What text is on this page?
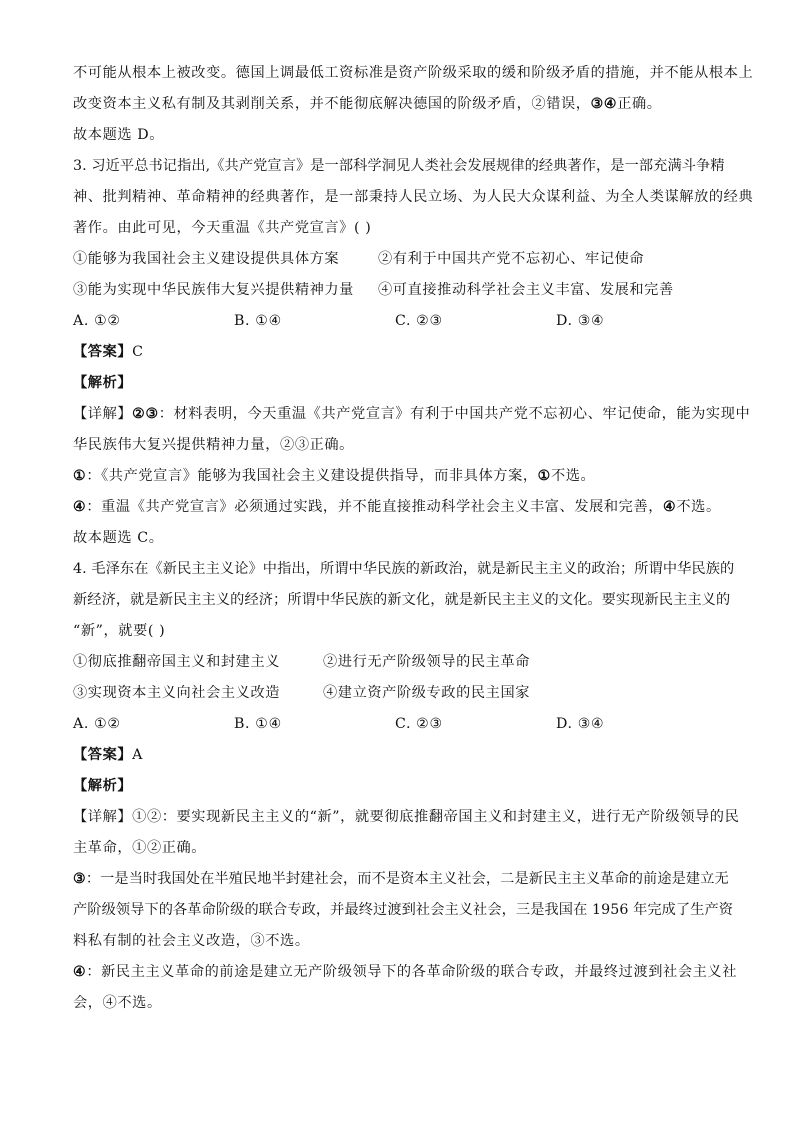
不可能从根本上被改变。德国上调最低工资标准是资产阶级采取的缓和阶级矛盾的措施，并不能从根本上
改变资本主义私有制及其剥削关系，并不能彻底解决德国的阶级矛盾，②错误，③④正确。
故本题选 D。
3. 习近平总书记指出,《共产党宣言》是一部科学洞见人类社会发展规律的经典著作，是一部充满斗争精
神、批判精神、革命精神的经典著作，是一部秉持人民立场、为人民大众谋利益、为全人类谋解放的经典
著作。由此可见，今天重温《共产党宣言》( )
①能够为我国社会主义建设提供具体方案	②有利于中国共产党不忘初心、牢记使命
③能为实现中华民族伟大复兴提供精神力量	④可直接推动科学社会主义丰富、发展和完善
A. ①②	B. ①④	C. ②③	D. ③④
【答案】C
【解析】
【详解】②③：材料表明，今天重温《共产党宣言》有利于中国共产党不忘初心、牢记使命，能为实现中
华民族伟大复兴提供精神力量，②③正确。
①：《共产党宣言》能够为我国社会主义建设提供指导，而非具体方案，①不选。
④：重温《共产党宣言》必须通过实践，并不能直接推动科学社会主义丰富、发展和完善，④不选。
故本题选 C。
4. 毛泽东在《新民主主义论》中指出，所谓中华民族的新政治，就是新民主主义的政治；所谓中华民族的
新经济，就是新民主主义的经济；所谓中华民族的新文化，就是新民主主义的文化。要实现新民主主义的
“新”，就要( )
①彻底推翻帝国主义和封建主义	②进行无产阶级领导的民主革命
③实现资本主义向社会主义改造	④建立资产阶级专政的民主国家
A. ①②	B. ①④	C. ②③	D. ③④
【答案】A
【解析】
【详解】①②：要实现新民主主义的“新”，就要彻底推翻帝国主义和封建主义，进行无产阶级领导的民
主革命，①②正确。
③：一是当时我国处在半殖民地半封建社会，而不是资本主义社会，二是新民主主义革命的前途是建立无
产阶级领导下的各革命阶级的联合专政，并最终过渡到社会主义社会，三是我国在 1956 年完成了生产资
料私有制的社会主义改造，③不选。
④：新民主主义革命的前途是建立无产阶级领导下的各革命阶级的联合专政，并最终过渡到社会主义社
会，④不选。
